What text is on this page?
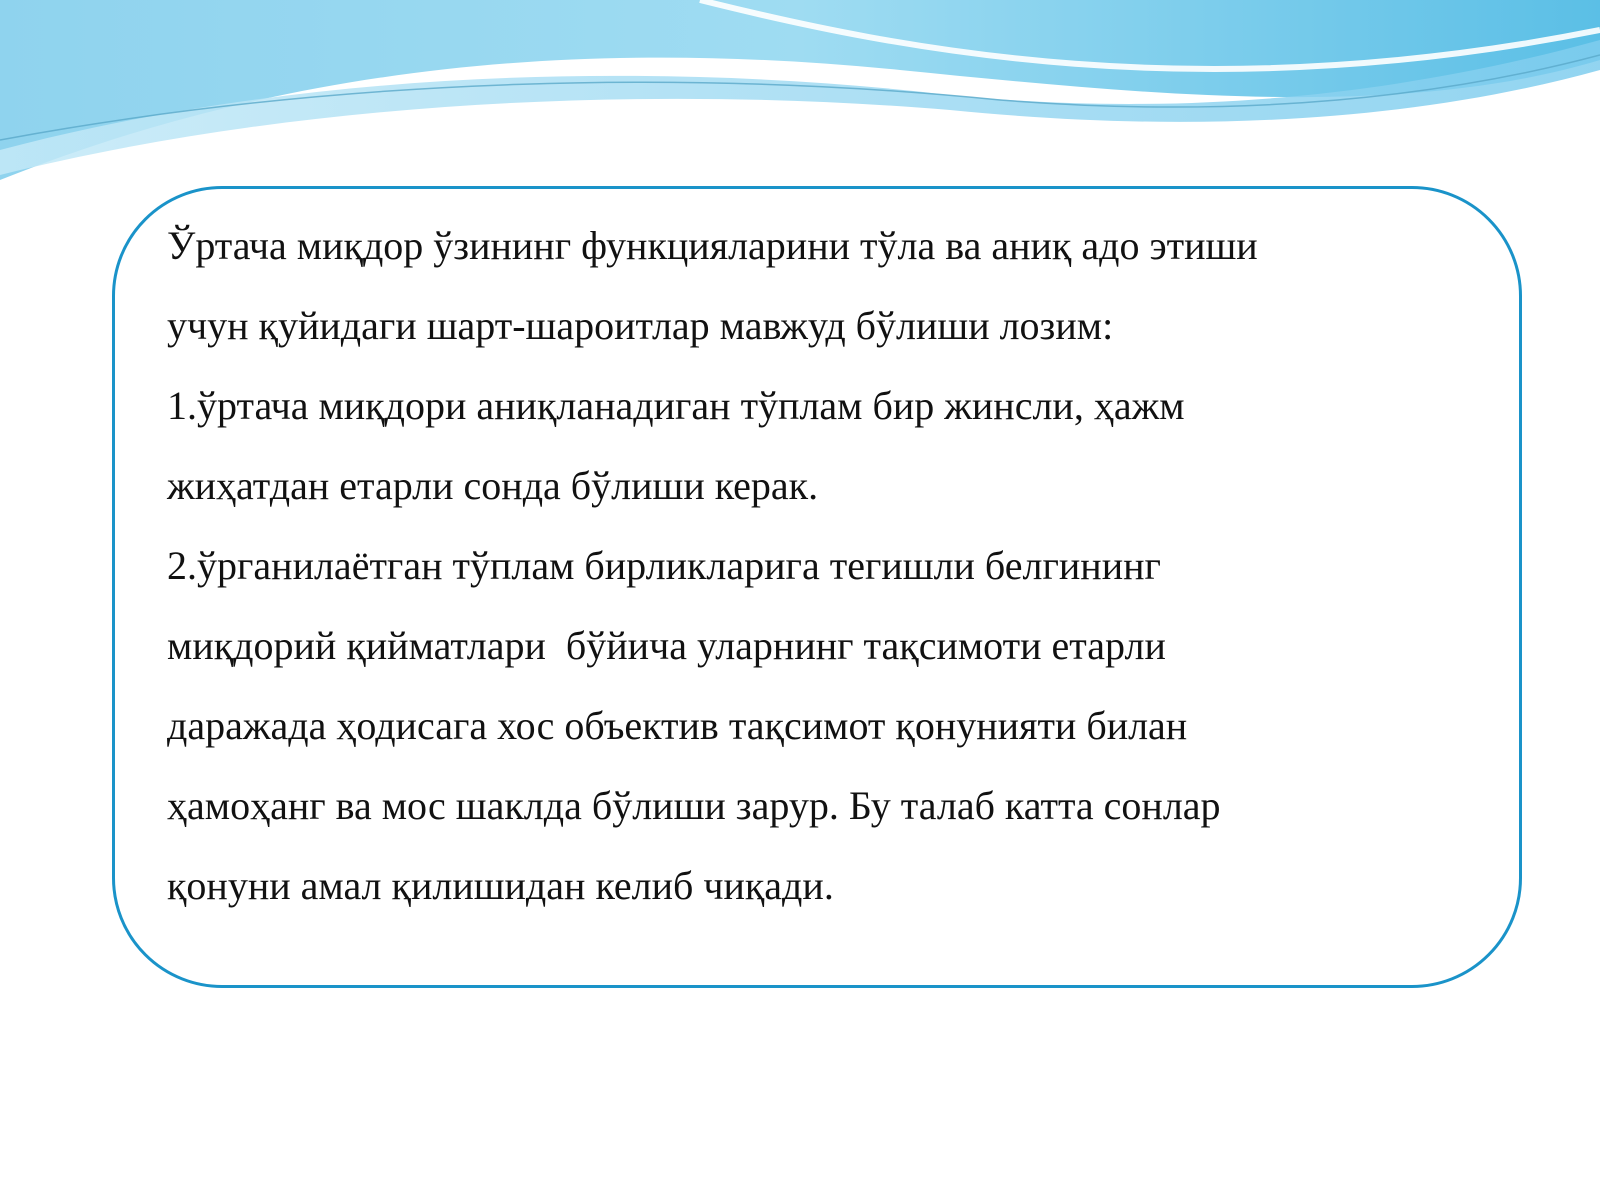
Ўртача миқдор ўзининг функцияларини тўла ва аниқ адо этиши
учун қуйидаги шарт-шароитлар мавжуд бўлиши лозим:
1.ўртача миқдори аниқланадиган тўплам бир жинсли, ҳажм
жиҳатдан етарли сонда бўлиши керак.
2.ўрганилаётган тўплам бирликларига тегишли белгининг
миқдорий қийматлари  бўйича уларнинг тақсимоти етарли
даражада ҳодисага хос объектив тақсимот қонунияти билан
ҳамоҳанг ва мос шаклда бўлиши зарур. Бу талаб катта сонлар
қонуни амал қилишидан келиб чиқади.
